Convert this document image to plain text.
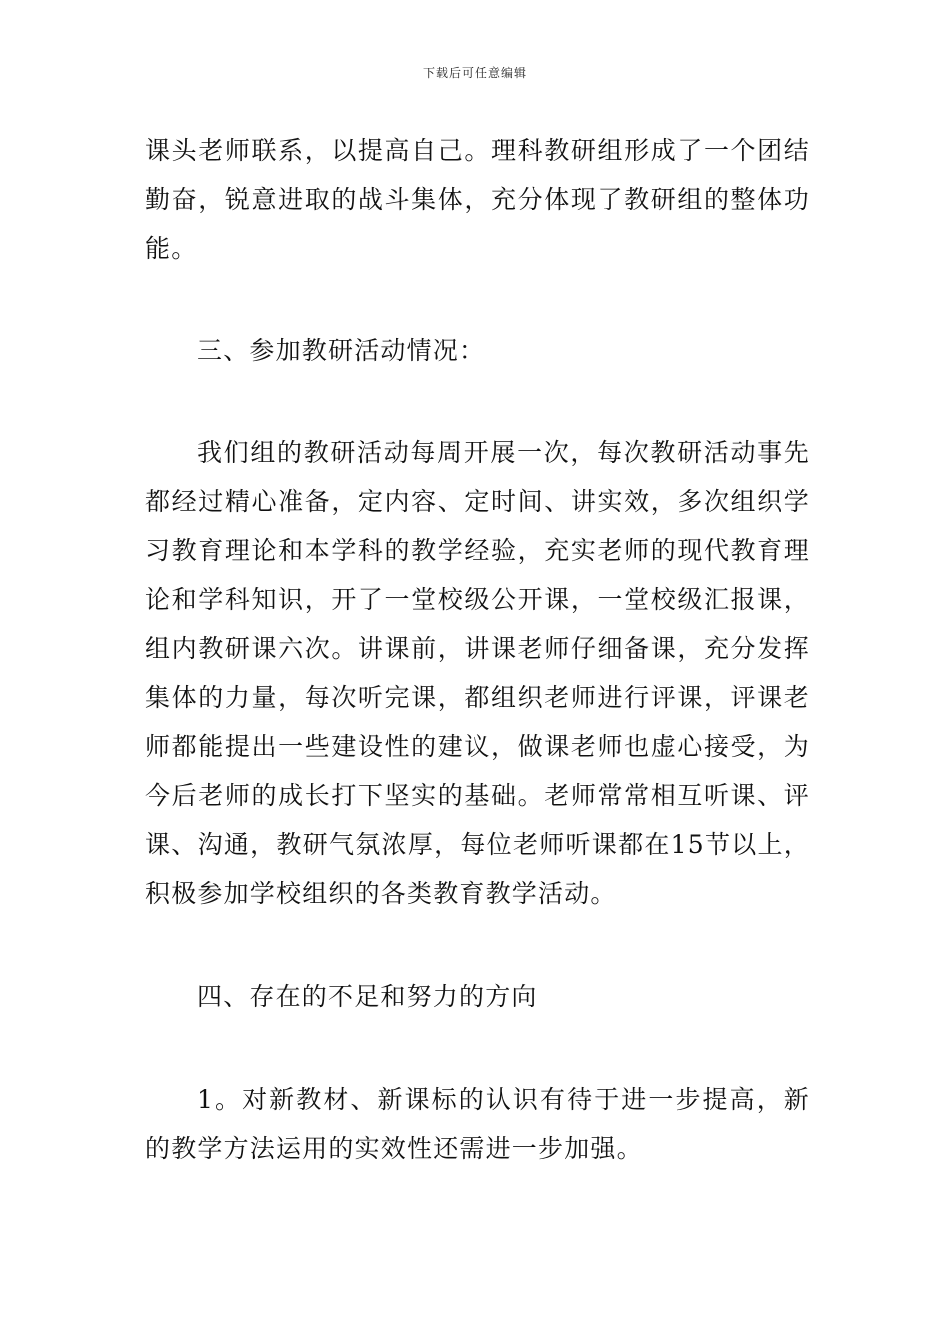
下载后可任意编辑

课头老师联系，以提高自己。理科教研组形成了一个团结勤奋，锐意进取的战斗集体，充分体现了教研组的整体功能。

三、参加教研活动情况：

我们组的教研活动每周开展一次，每次教研活动事先都经过精心准备，定内容、定时间、讲实效，多次组织学习教育理论和本学科的教学经验，充实老师的现代教育理论和学科知识，开了一堂校级公开课，一堂校级汇报课，组内教研课六次。讲课前，讲课老师仔细备课，充分发挥集体的力量，每次听完课，都组织老师进行评课，评课老师都能提出一些建设性的建议，做课老师也虚心接受，为今后老师的成长打下坚实的基础。老师常常相互听课、评课、沟通，教研气氛浓厚，每位老师听课都在15节以上，积极参加学校组织的各类教育教学活动。

四、存在的不足和努力的方向

1。对新教材、新课标的认识有待于进一步提高，新的教学方法运用的实效性还需进一步加强。
